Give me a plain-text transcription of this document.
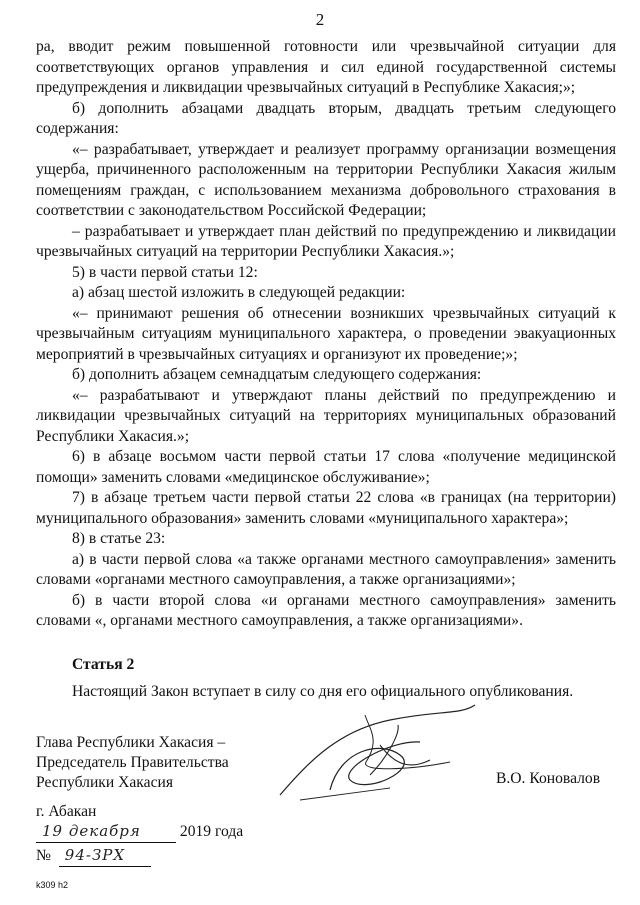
2

ра, вводит режим повышенной готовности или чрезвычайной ситуации для соответствующих органов управления и сил единой государственной системы предупреждения и ликвидации чрезвычайных ситуаций в Республике Хакасия;»;

б) дополнить абзацами двадцать вторым, двадцать третьим следующего содержания:

«– разрабатывает, утверждает и реализует программу организации возмещения ущерба, причиненного расположенным на территории Республики Хакасия жилым помещениям граждан, с использованием механизма добровольного страхования в соответствии с законодательством Российской Федерации;

– разрабатывает и утверждает план действий по предупреждению и ликвидации чрезвычайных ситуаций на территории Республики Хакасия.»;

5) в части первой статьи 12:

а) абзац шестой изложить в следующей редакции:

«– принимают решения об отнесении возникших чрезвычайных ситуаций к чрезвычайным ситуациям муниципального характера, о проведении эвакуационных мероприятий в чрезвычайных ситуациях и организуют их проведение;»;

б) дополнить абзацем семнадцатым следующего содержания:

«– разрабатывают и утверждают планы действий по предупреждению и ликвидации чрезвычайных ситуаций на территориях муниципальных образований Республики Хакасия.»;

6) в абзаце восьмом части первой статьи 17 слова «получение медицинской помощи» заменить словами «медицинское обслуживание»;

7) в абзаце третьем части первой статьи 22 слова «в границах (на территории) муниципального образования» заменить словами «муниципального характера»;

8) в статье 23:

а) в части первой слова «а также органами местного самоуправления» заменить словами «органами местного самоуправления, а также организациями»;

б) в части второй слова «и органами местного самоуправления» заменить словами «, органами местного самоуправления, а также организациями».

Статья 2
Настоящий Закон вступает в силу со дня его официального опубликования.
Глава Республики Хакасия –
Председатель Правительства
Республики Хакасия	В.О. Коновалов
г. Абакан
19 декабря	2019 года
№ 94-ЗРХ
k309 h2
